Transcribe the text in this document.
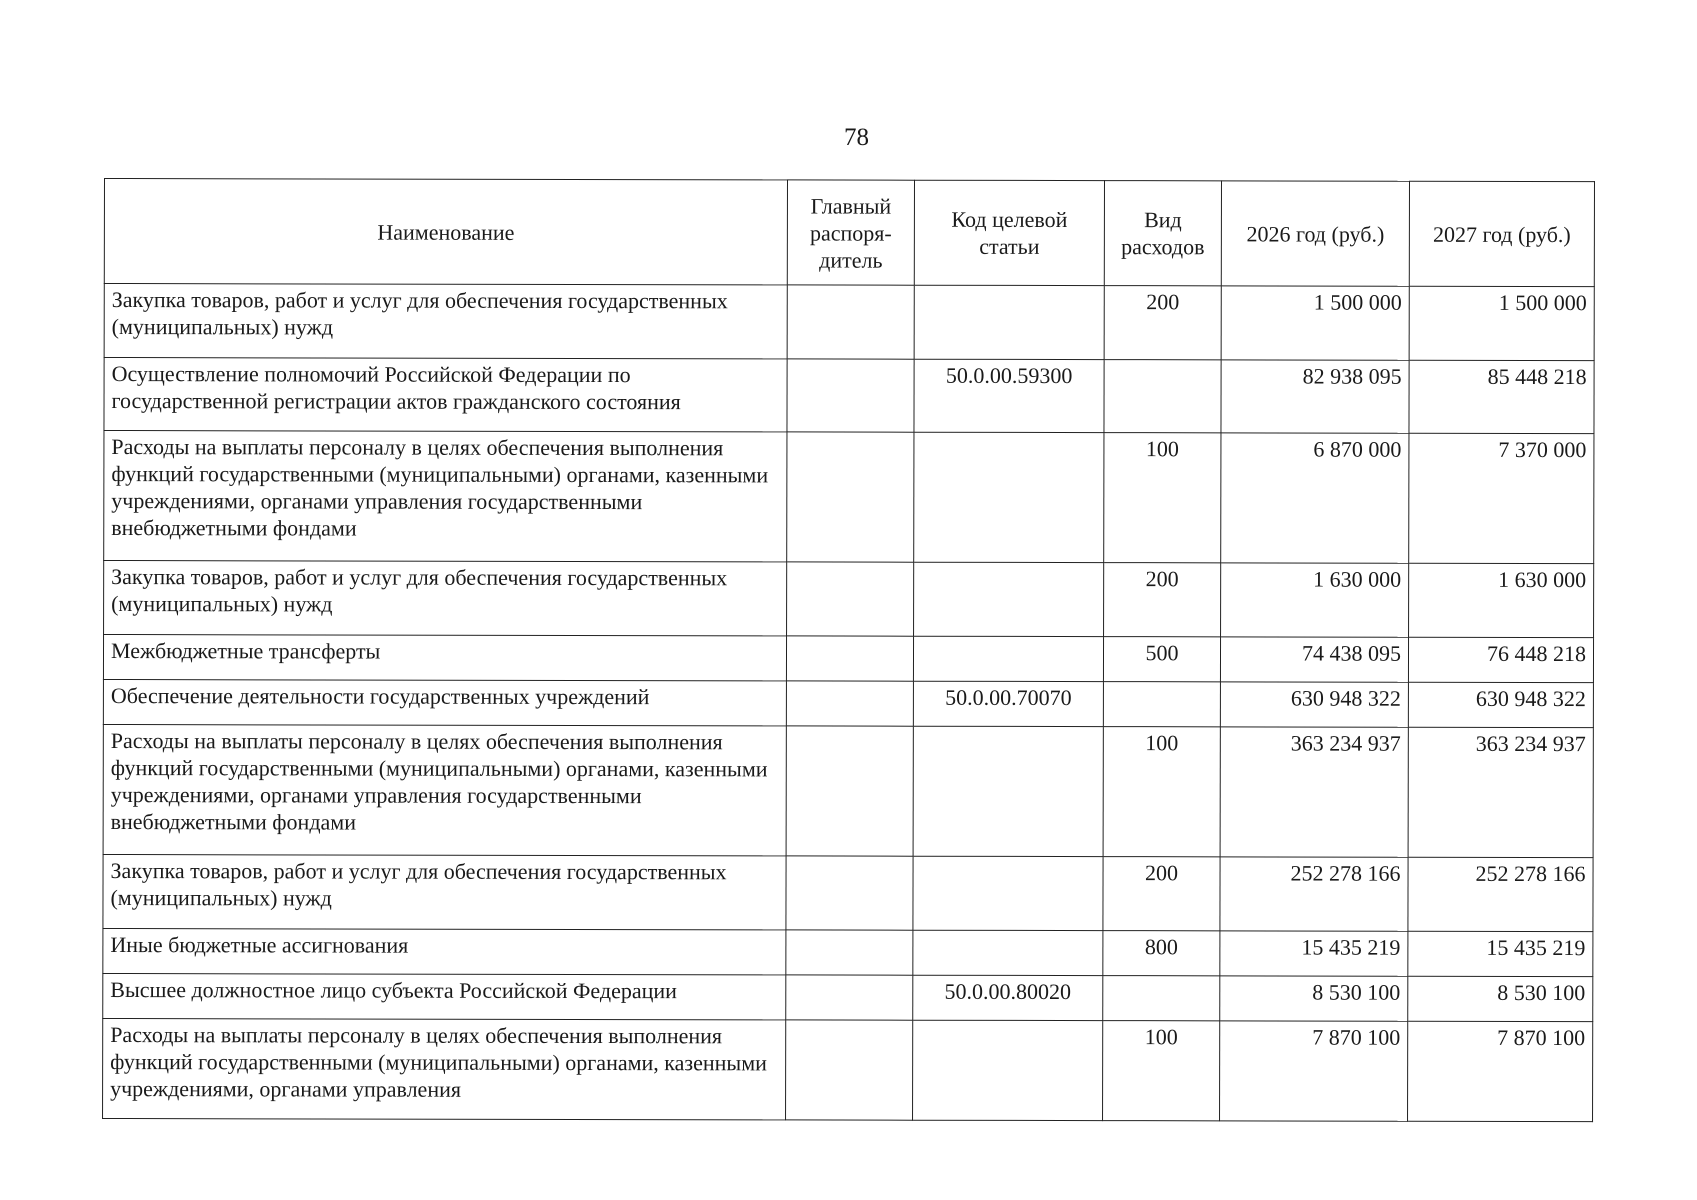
78
Наименование	Главный распоря-дитель	Код целевой статьи	Вид расходов	2026 год (руб.)	2027 год (руб.)
Закупка товаров, работ и услуг для обеспечения государственных (муниципальных) нужд			200	1 500 000	1 500 000
Осуществление полномочий Российской Федерации по государственной регистрации актов гражданского состояния		50.0.00.59300		82 938 095	85 448 218
Расходы на выплаты персоналу в целях обеспечения выполнения функций государственными (муниципальными) органами, казенными учреждениями, органами управления государственными внебюджетными фондами			100	6 870 000	7 370 000
Закупка товаров, работ и услуг для обеспечения государственных (муниципальных) нужд			200	1 630 000	1 630 000
Межбюджетные трансферты			500	74 438 095	76 448 218
Обеспечение деятельности государственных учреждений		50.0.00.70070		630 948 322	630 948 322
Расходы на выплаты персоналу в целях обеспечения выполнения функций государственными (муниципальными) органами, казенными учреждениями, органами управления государственными внебюджетными фондами			100	363 234 937	363 234 937
Закупка товаров, работ и услуг для обеспечения государственных (муниципальных) нужд			200	252 278 166	252 278 166
Иные бюджетные ассигнования			800	15 435 219	15 435 219
Высшее должностное лицо субъекта Российской Федерации		50.0.00.80020		8 530 100	8 530 100
Расходы на выплаты персоналу в целях обеспечения выполнения функций государственными (муниципальными) органами, казенными учреждениями, органами управления			100	7 870 100	7 870 100
